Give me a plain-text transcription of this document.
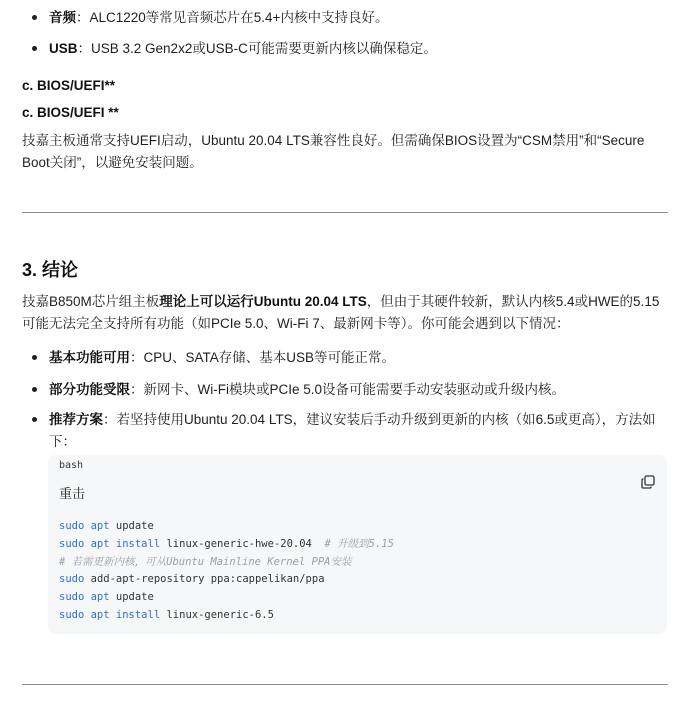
音频：ALC1220等常见音频芯片在5.4+内核中支持良好。
USB：USB 3.2 Gen2x2或USB-C可能需要更新内核以确保稳定。
c. BIOS/UEFI**
c. BIOS/UEFI **
技嘉主板通常支持UEFI启动，Ubuntu 20.04 LTS兼容性良好。但需确保BIOS设置为“CSM禁用”和“Secure Boot关闭”，以避免安装问题。
3. 结论
技嘉B850M芯片组主板理论上可以运行Ubuntu 20.04 LTS，但由于其硬件较新，默认内核5.4或HWE的5.15可能无法完全支持所有功能（如PCIe 5.0、Wi-Fi 7、最新网卡等）。你可能会遇到以下情况：
基本功能可用：CPU、SATA存储、基本USB等可能正常。
部分功能受限：新网卡、Wi-Fi模块或PCIe 5.0设备可能需要手动安装驱动或升级内核。
推荐方案：若坚持使用Ubuntu 20.04 LTS，建议安装后手动升级到更新的内核（如6.5或更高），方法如下：
bash
重击
sudo apt update
sudo apt install linux-generic-hwe-20.04  # 升级到5.15
# 若需更新内核，可从Ubuntu Mainline Kernel PPA安装
sudo add-apt-repository ppa:cappelikan/ppa
sudo apt update
sudo apt install linux-generic-6.5
